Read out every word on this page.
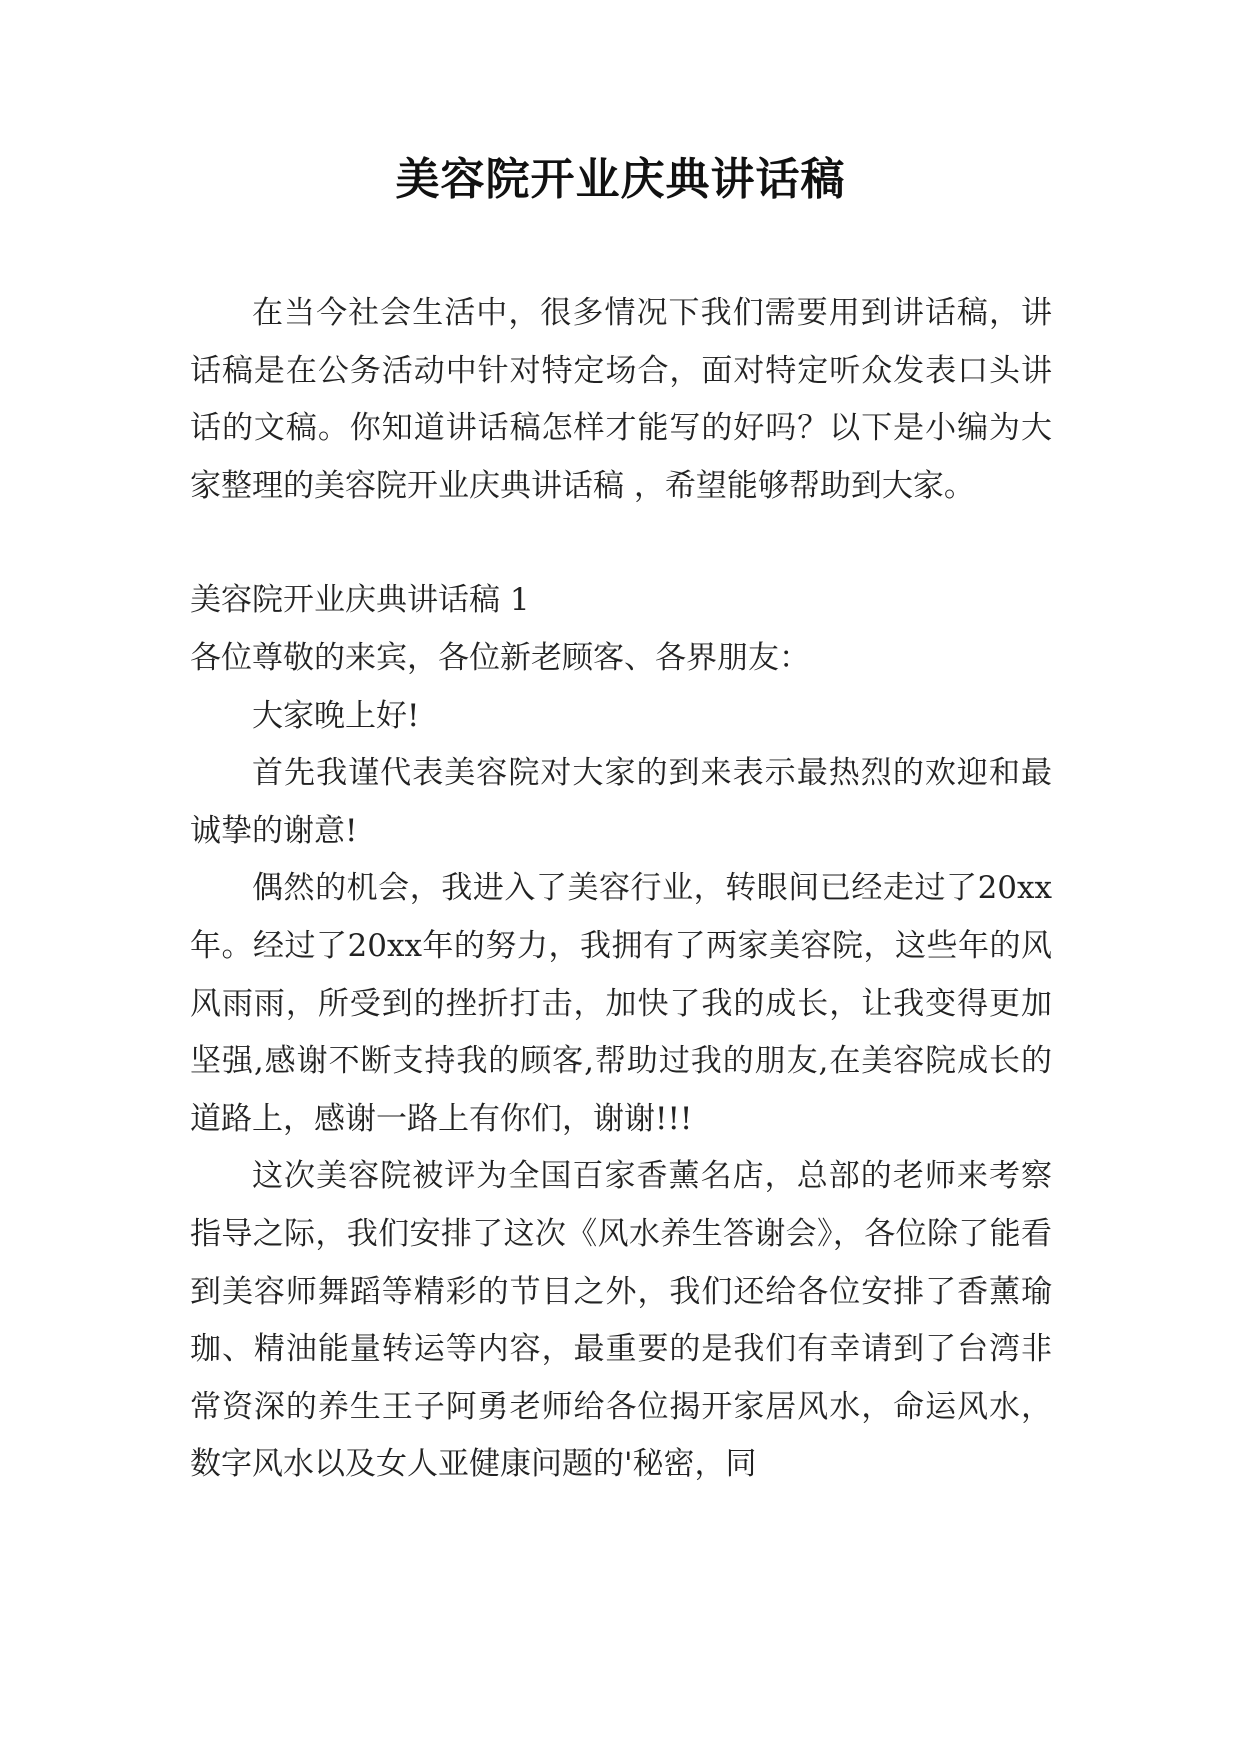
美容院开业庆典讲话稿

在当今社会生活中，很多情况下我们需要用到讲话稿，讲话稿是在公务活动中针对特定场合，面对特定听众发表口头讲话的文稿。你知道讲话稿怎样才能写的好吗？以下是小编为大家整理的美容院开业庆典讲话稿 ，希望能够帮助到大家。

美容院开业庆典讲话稿 1

各位尊敬的来宾，各位新老顾客、各界朋友：

大家晚上好!

首先我谨代表美容院对大家的到来表示最热烈的欢迎和最诚挚的谢意!

偶然的机会，我进入了美容行业，转眼间已经走过了20xx年。经过了20xx年的努力，我拥有了两家美容院，这些年的风风雨雨，所受到的挫折打击，加快了我的成长，让我变得更加坚强,感谢不断支持我的顾客,帮助过我的朋友,在美容院成长的道路上，感谢一路上有你们，谢谢!!!

这次美容院被评为全国百家香薰名店，总部的老师来考察指导之际，我们安排了这次《风水养生答谢会》，各位除了能看到美容师舞蹈等精彩的节目之外，我们还给各位安排了香薰瑜珈、精油能量转运等内容，最重要的是我们有幸请到了台湾非常资深的养生王子阿勇老师给各位揭开家居风水，命运风水，数字风水以及女人亚健康问题的'秘密，同
